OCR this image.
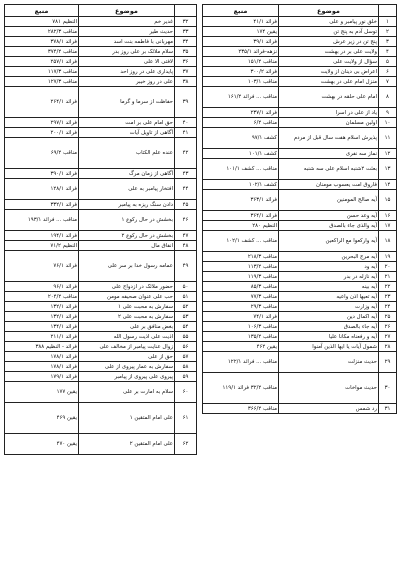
	موضوع	منبع
۳۲	غدیر خم	النظیم ۷۸۱
۳۳	حدیث طیر	مناقب ۲۸۲/۳
۳۴	مهربانی با فاطمه بنت اسد	فرائد ۳۷۸/۱
۳۵	سلام ملائک بر علی روز بدر	مناقب ۳۷۴/۲
۳۶	لافتی الا علی	فرائد ۲۵۷/۱
۳۷	پایداری علی در روز احد	مناقب ۱۱۷/۳
۳۸	علی در روز خیبر	مناقب ۱۲۷/۳
۳۹	حفاظت از سرما و گرما	فرائد ۲۶۴/۱
۴۰	حق امام علی بر امت	فرائد ۲۹۷/۱
۴۱	آگاهی از تاویل آیات	فرائد ۲۰۰/۱
۴۲	عنده علم الکتاب	مناقب ۶۹/۲
۴۳	آگاهی از زمان مرگ	فرائد ۳۹۰/۱
۴۴	افتخار پیامبر به علی	فرائد ۱۲۸/۱
۴۵	دادن سنگ ریزه به پیامبر	فرائد ۳۳۲/۱
۴۶	بخشش در حال رکوع ۱	مناقب ... فرائد ۱۹۳/۱
۴۷	بخشش در حال رکوع ۲	فرائد ۱۹۴/۱
۴۸	انفاق مال	النظیم ۷۱/۲
۴۹	عمامه رسول خدا بر سر علی	فرائد ۷۶/۱
۵۰	حضور ملائک در ازدواج علی	فرائد ۹۶/۱
۵۱	حب علی عنوان صحیفه مومن	مناقب ۲۰۴/۲
۵۲	سفارش به محبت علی ۱	فرائد ۱۳۲/۱
۵۳	سفارش به محبت علی ۲	فرائد ۱۳۲/۱
۵۴	بغض منافق بر علی	فرائد ۱۳۴/۱
۵۵	اذیت علی اذیت رسول الله	فرائد ۲۱۱/۱
۵۶	زوال عنایت پیامبر از مخالف علی	فرائد - النظیم ۳۸۸
۵۷	حق از علی	فرائد ۱۷۸/۱
۵۸	سفارش به عمار پیروی از علی	فرائد ۱۷۸/۱
۵۹	پیروی علی پیروی از پیامبر	فرائد ۱۷۹/۱
۶۰	سلام به امارت بر علی	یقین ۱۷۷
۶۱	علی امام المتقین ۱	یقین ۴۶۹
۶۲	علی امام المتقین ۲	یقین ۴۷۰
	موضوع	منبع
۱	خلق نور پیامبر و علی	فرائد ۴۱/۱
۲	توسل آدم به پنج تن	یقین ۱۷۴
۳	پنج تن در زیر عرش	فرائد ۳۹/۱
۴	ولایت علی بر در بهشت	نزهه-فرائد ۲۳۵/۱
۵	سؤال از ولایت علی	مناقب ۱۵۱/۲
۶	اعراض بی دینان از ولایت	فرائد ۳۰۰/۲
۷	منزل امام علی در بهشت	مناقب ۱۰۳/۱
۸	امام علی حلقه در بهشت	مناقب ... فرائد ۱۶۱/۲
۹	یاد از علی در اسرا	فرائد ۲۳۷/۱
۱۰	اولین مسلمان	مناقب ۶/۲
۱۱	پذیرش اسلام هفت سال قبل از مردم	کشف ۹۷/۱
۱۲	نماز سه نفری	کشف ۱۰۱/۱
۱۳	بعثت ۲شنبه اسلام علی سه شنبه	مناقب ... کشف ۱۰۱/۱
۱۴	فاروق امت یعسوب مومنان	کشف ۱۰۲/۱
۱۵	آیه صالح المومنین	فرائد ۳۶۳/۱
۱۶	آیه وعد حسن	فرائد ۳۶۴/۱
۱۷	آیه والذی جاء بالصدق	النظیم ۲۸۰
۱۸	آیه وارکعوا مع الراکعین	مناقب ... کشف ۱۰۲/۱
۱۹	آیه مرج البحرین	مناقب ۲۱۸/۳
۲۰	آیه ود	مناقب ۱۱۳/۲
۲۱	آیه نازله در بدر	مناقب ۱۱۹/۳
۲۲	آیه بینه	مناقب ۸۵/۳
۲۳	آیه تعیها اذن واعیه	مناقب ۷۷/۳
۲۴	آیه وزارت	مناقب ۲۹/۳
۲۵	آیه اکمال دین	فرائد ۷۴/۱
۲۶	آیه جاء بالصدق	مناقب ۱۰۶/۳
۲۷	آیه و رفعناه مکانا علیا	مناقب ۱۳۵/۲
۲۸	شمول آیات یا ایها الذین آمنوا	یقین ۴۶۲
۲۹	حدیث منزلت	مناقب ... فرائد ۱۲۲/۱
۳۰	حدیث مواخات	مناقب ۳۲/۲ فرائد ۱۱۹/۱
۳۱	رد شمس	مناقب ۳۶۶/۲
